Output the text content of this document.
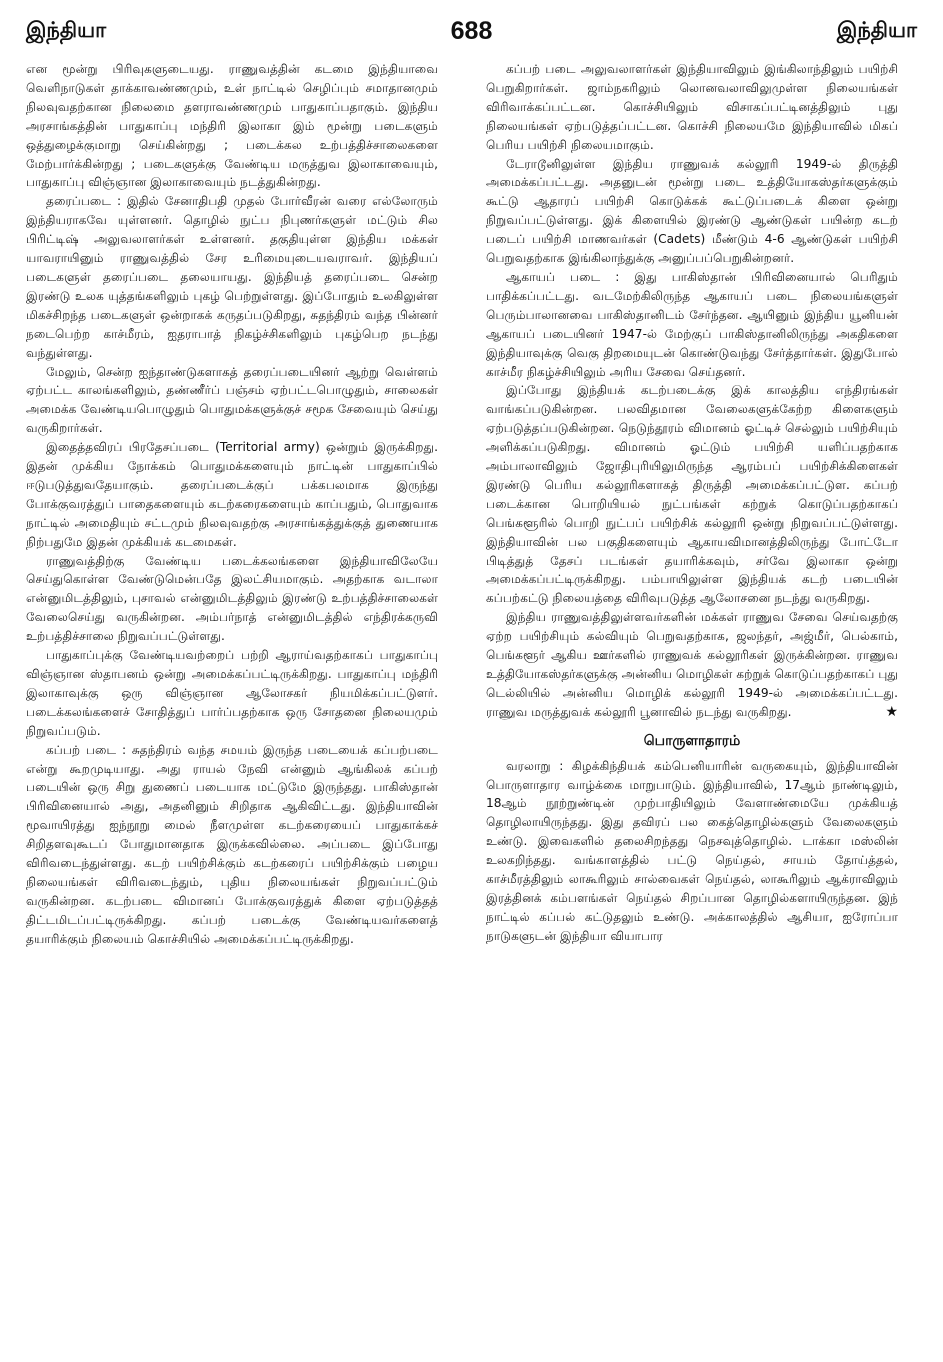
இந்தியா	688	இந்தியா

என மூன்று பிரிவுகளுடையது. ராணுவத்தின் கடமை இந்தியாவை வெளிநாடுகள் தாக்காவண்ணமும், உள் நாட்டில் செழிப்பும் சமாதானமும் நிலவுவதற்கான நிலைமை தளராவண்ணமும் பாதுகாப்பதாகும். இந்திய அரசாங்கத்தின் பாதுகாப்பு மந்திரி இலாகா இம் மூன்று படைகளும் ஒத்துழைக்குமாறு செய்கின்றது ; படைக்கல உற்பத்திச்சாலைகளை மேற்பார்க்கின்றது ; படைகளுக்கு வேண்டிய மருத்துவ இலாகாவையும், பாதுகாப்பு விஞ்ஞான இலாகாவையும் நடத்துகின்றது.

தரைப்படை : இதில் சேனாதிபதி முதல் போர்வீரன் வரை எல்லோரும் இந்தியராகவே யுள்ளனர். தொழில் நுட்ப நிபுணர்களுள் மட்டும் சில பிரிட்டிஷ் அலுவலாளர்கள் உள்ளனர். தகுதியுள்ள இந்திய மக்கள் யாவராயினும் ராணுவத்தில் சேர உரிமையுடையவராவர். இந்தியப் படைகளுள் தரைப்படை தலையாயது. இந்தியத் தரைப்படை சென்ற இரண்டு உலக யுத்தங்களிலும் புகழ் பெற்றுள்ளது. இப்போதும் உலகிலுள்ள மிகச்சிறந்த படைகளுள் ஒன்றாகக் கருதப்படுகிறது, சுதந்திரம் வந்த பின்னர் நடைபெற்ற காச்மீரம், ஐதராபாத் நிகழ்ச்சிகளிலும் புகழ்பெற நடந்து வந்துள்ளது.

மேலும், சென்ற ஐந்தாண்டுகளாகத் தரைப்படையினர் ஆற்று வெள்ளம் ஏற்பட்ட காலங்களிலும், தண்ணீர்ப் பஞ்சம் ஏற்பட்டபொழுதும், சாலைகள் அமைக்க வேண்டியபொழுதும் பொதுமக்களுக்குச் சமூக சேவையும் செய்து வருகிறார்கள்.

இதைத்தவிரப் பிரதேசப்படை (Territorial army) ஒன்றும் இருக்கிறது. இதன் முக்கிய நோக்கம் பொதுமக்களையும் நாட்டின் பாதுகாப்பில் ஈடுபடுத்துவதேயாகும். தரைப்படைக்குப் பக்கபலமாக இருந்து போக்குவரத்துப் பாதைகளையும் கடற்கரைகளையும் காப்பதும், பொதுவாக நாட்டில் அமைதியும் சட்டமும் நிலவுவதற்கு அரசாங்கத்துக்குத் துணையாக நிற்பதுமே இதன் முக்கியக் கடமைகள்.

ராணுவத்திற்கு வேண்டிய படைக்கலங்களை இந்தியாவிலேயே செய்துகொள்ள வேண்டுமென்பதே இலட்சியமாகும். அதற்காக வடாலா என்னுமிடத்திலும், புசாவல் என்னுமிடத்திலும் இரண்டு உற்பத்திச்சாலைகள் வேலைசெய்து வருகின்றன. அம்பர்நாத் என்னுமிடத்தில் எந்திரக்கருவி உற்பத்திச்சாலை நிறுவப்பட்டுள்ளது.

பாதுகாப்புக்கு வேண்டியவற்றைப் பற்றி ஆராய்வதற்காகப் பாதுகாப்பு விஞ்ஞான ஸ்தாபனம் ஒன்று அமைக்கப்பட்டிருக்கிறது. பாதுகாப்பு மந்திரி இலாகாவுக்கு ஒரு விஞ்ஞான ஆலோசகர் நியமிக்கப்பட்டுளர். படைக்கலங்களைச் சோதித்துப் பார்ப்பதற்காக ஒரு சோதனை நிலையமும் நிறுவப்படும்.

கப்பற் படை : சுதந்திரம் வந்த சமயம் இருந்த படையைக் கப்பற்படை என்று கூறமுடியாது. அது ராயல் நேவி என்னும் ஆங்கிலக் கப்பற் படையின் ஒரு சிறு துணைப் படையாக மட்டுமே இருந்தது. பாகிஸ்தான் பிரிவினையால் அது, அதனினும் சிறிதாக ஆகிவிட்டது. இந்தியாவின் மூவாயிரத்து ஐந்நூறு மைல் நீளமுள்ள கடற்கரையைப் பாதுகாக்கச் சிறிதளவுகூடப் போதுமானதாக இருக்கவில்லை. அப்படை இப்போது விரிவடைந்துள்ளது. கடற் பயிற்சிக்கும் கடற்கரைப் பயிற்சிக்கும் பழைய நிலையங்கள் விரிவடைந்தும், புதிய நிலையங்கள் நிறுவப்பட்டும் வருகின்றன. கடற்படை விமானப் போக்குவரத்துக் கிளை ஏற்படுத்தத் திட்டமிடப்பட்டிருக்கிறது. கப்பற் படைக்கு வேண்டியவர்களைத் தயாரிக்கும் நிலையம் கொச்சியில் அமைக்கப்பட்டிருக்கிறது.

கப்பற் படை அலுவலாளர்கள் இந்தியாவிலும் இங்கிலாந்திலும் பயிற்சி பெறுகிறார்கள். ஜாம்நகரிலும் லொனவலாவிலுமுள்ள நிலையங்கள் விரிவாக்கப்பட்டன. கொச்சியிலும் விசாகப்பட்டினத்திலும் புது நிலையங்கள் ஏற்படுத்தப்பட்டன. கொச்சி நிலையமே இந்தியாவில் மிகப் பெரிய பயிற்சி நிலையமாகும்.

டேராடூனிலுள்ள இந்திய ராணுவக் கல்லூரி 1949-ல் திருத்தி அமைக்கப்பட்டது. அதனுடன் மூன்று படை உத்தியோகஸ்தர்களுக்கும் கூட்டு ஆதாரப் பயிற்சி கொடுக்கக் கூட்டுப்படைக் கிளை ஒன்று நிறுவப்பட்டுள்ளது. இக் கிளையில் இரண்டு ஆண்டுகள் பயின்ற கடற் படைப் பயிற்சி மாணவர்கள் (Cadets) மீண்டும் 4-6 ஆண்டுகள் பயிற்சி பெறுவதற்காக இங்கிலாந்துக்கு அனுப்பப்பெறுகின்றனர்.

ஆகாயப் படை : இது பாகிஸ்தான் பிரிவினையால் பெரிதும் பாதிக்கப்பட்டது. வடமேற்கிலிருந்த ஆகாயப் படை நிலையங்களுள் பெரும்பாலானவை பாகிஸ்தானிடம் சேர்ந்தன. ஆயினும் இந்திய யூனியன் ஆகாயப் படையினர் 1947-ல் மேற்குப் பாகிஸ்தானிலிருந்து அகதிகளை இந்தியாவுக்கு வெகு திறமையுடன் கொண்டுவந்து சேர்த்தார்கள். இதுபோல் காச்மீர நிகழ்ச்சியிலும் அரிய சேவை செய்தனர்.

இப்போது இந்தியக் கடற்படைக்கு இக் காலத்திய எந்திரங்கள் வாங்கப்படுகின்றன. பலவிதமான வேலைகளுக்கேற்ற கிளைகளும் ஏற்படுத்தப்படுகின்றன. நெடுந்தூரம் விமானம் ஓட்டிச் செல்லும் பயிற்சியும் அளிக்கப்படுகிறது. விமானம் ஓட்டும் பயிற்சி யளிப்பதற்காக அம்பாலாவிலும் ஜோதிபுரியிலுமிருந்த ஆரம்பப் பயிற்சிக்கிளைகள் இரண்டு பெரிய கல்லூரிகளாகத் திருத்தி அமைக்கப்பட்டுள. கப்பற் படைக்கான பொறியியல் நுட்பங்கள் கற்றுக் கொடுப்பதற்காகப் பெங்களூரில் பொறி நுட்பப் பயிற்சிக் கல்லூரி ஒன்று நிறுவப்பட்டுள்ளது. இந்தியாவின் பல பகுதிகளையும் ஆகாயவிமானத்திலிருந்து போட்டோ பிடித்துத் தேசப் படங்கள் தயாரிக்கவும், சர்வே இலாகா ஒன்று அமைக்கப்பட்டிருக்கிறது. பம்பாயிலுள்ள இந்தியக் கடற் படையின் கப்பற்கட்டு நிலையத்தை விரிவுபடுத்த ஆலோசனை நடந்து வருகிறது.

இந்திய ராணுவத்திலுள்ளவர்களின் மக்கள் ராணுவ சேவை செய்வதற்கு ஏற்ற பயிற்சியும் கல்வியும் பெறுவதற்காக, ஜலந்தர், அஜ்மீர், பெல்காம், பெங்களூர் ஆகிய ஊர்களில் ராணுவக் கல்லூரிகள் இருக்கின்றன. ராணுவ உத்தியோகஸ்தர்களுக்கு அன்னிய மொழிகள் கற்றுக் கொடுப்பதற்காகப் புது டெல்லியில் அன்னிய மொழிக் கல்லூரி 1949-ல் அமைக்கப்பட்டது. ராணுவ மருத்துவக் கல்லூரி பூனாவில் நடந்து வருகிறது.	★

பொருளாதாரம்

வரலாறு : கிழக்கிந்தியக் கம்பெனியாரின் வருகையும், இந்தியாவின் பொருளாதார வாழ்க்கை மாறுபாடும். இந்தியாவில், 17ஆம் நாண்டிலும், 18ஆம் நூற்றுண்டின் முற்பாதியிலும் வேளாண்மையே முக்கியத் தொழிலாயிருந்தது. இது தவிரப் பல கைத்தொழில்களும் வேலைகளும் உண்டு. இவைகளில் தலைசிறந்தது நெசவுத்தொழில். டாக்கா மஸ்லின் உலகறிந்தது. வங்காளத்தில் பட்டு நெய்தல், சாயம் தோய்த்தல், காச்மீரத்திலும் லாகூரிலும் சால்வைகள் நெய்தல், லாகூரிலும் ஆக்ராவிலும் இரத்தினக் கம்பளங்கள் நெய்தல் சிறப்பான தொழில்களாயிருந்தன. இந் நாட்டில் கப்பல் கட்டுதலும் உண்டு. அக்காலத்தில் ஆசியா, ஐரோப்பா நாடுகளுடன் இந்தியா வியாபார
